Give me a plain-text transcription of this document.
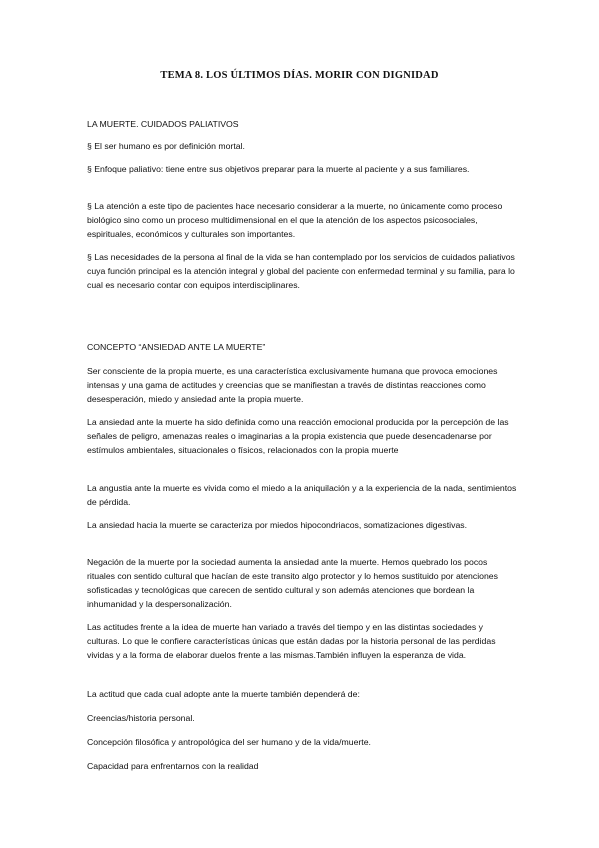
TEMA 8. LOS ÚLTIMOS DÍAS. MORIR CON DIGNIDAD
LA MUERTE. CUIDADOS PALIATIVOS
§ El ser humano es por definición mortal.
§ Enfoque paliativo: tiene entre sus objetivos preparar para la muerte al paciente y a sus familiares.
§ La atención a este tipo de pacientes hace necesario considerar a la muerte, no únicamente como proceso biológico sino como un proceso multidimensional en el que la atención de los aspectos psicosociales, espirituales, económicos y culturales son importantes.
§ Las necesidades de la persona al final de la vida se han contemplado por los servicios de cuidados paliativos cuya función principal es la atención integral y global del paciente con enfermedad terminal y su familia, para lo cual es necesario contar con equipos interdisciplinares.
CONCEPTO “ANSIEDAD ANTE LA MUERTE”
Ser consciente de la propia muerte, es una característica exclusivamente humana que provoca emociones intensas y una gama de actitudes y creencias que se manifiestan a través de distintas reacciones como desesperación, miedo y ansiedad ante la propia muerte.
La ansiedad ante la muerte ha sido definida como una reacción emocional producida por la percepción de las señales de peligro, amenazas reales o imaginarias a la propia existencia que puede desencadenarse por estímulos ambientales, situacionales o físicos, relacionados con la propia muerte
La angustia ante la muerte es vivida como el miedo a la aniquilación y a la experiencia de la nada, sentimientos de pérdida.
La ansiedad hacia la muerte se caracteriza por miedos hipocondriacos, somatizaciones digestivas.
Negación de la muerte por la sociedad aumenta la ansiedad ante la muerte. Hemos quebrado los pocos rituales con sentido cultural que hacían de este transito algo protector y lo hemos sustituido por atenciones sofisticadas y tecnológicas que carecen de sentido cultural y son además atenciones que bordean la inhumanidad y la despersonalización.
Las actitudes frente a la idea de muerte han variado a través del tiempo y en las distintas sociedades y culturas. Lo que le confiere características únicas que están dadas por la historia personal de las perdidas vividas y a la forma de elaborar duelos frente a las mismas.También influyen la esperanza de vida.
La actitud que cada cual adopte ante la muerte también dependerá de:
Creencias/historia personal.
Concepción filosófica y antropológica del ser humano y de la vida/muerte.
Capacidad para enfrentarnos con la realidad
